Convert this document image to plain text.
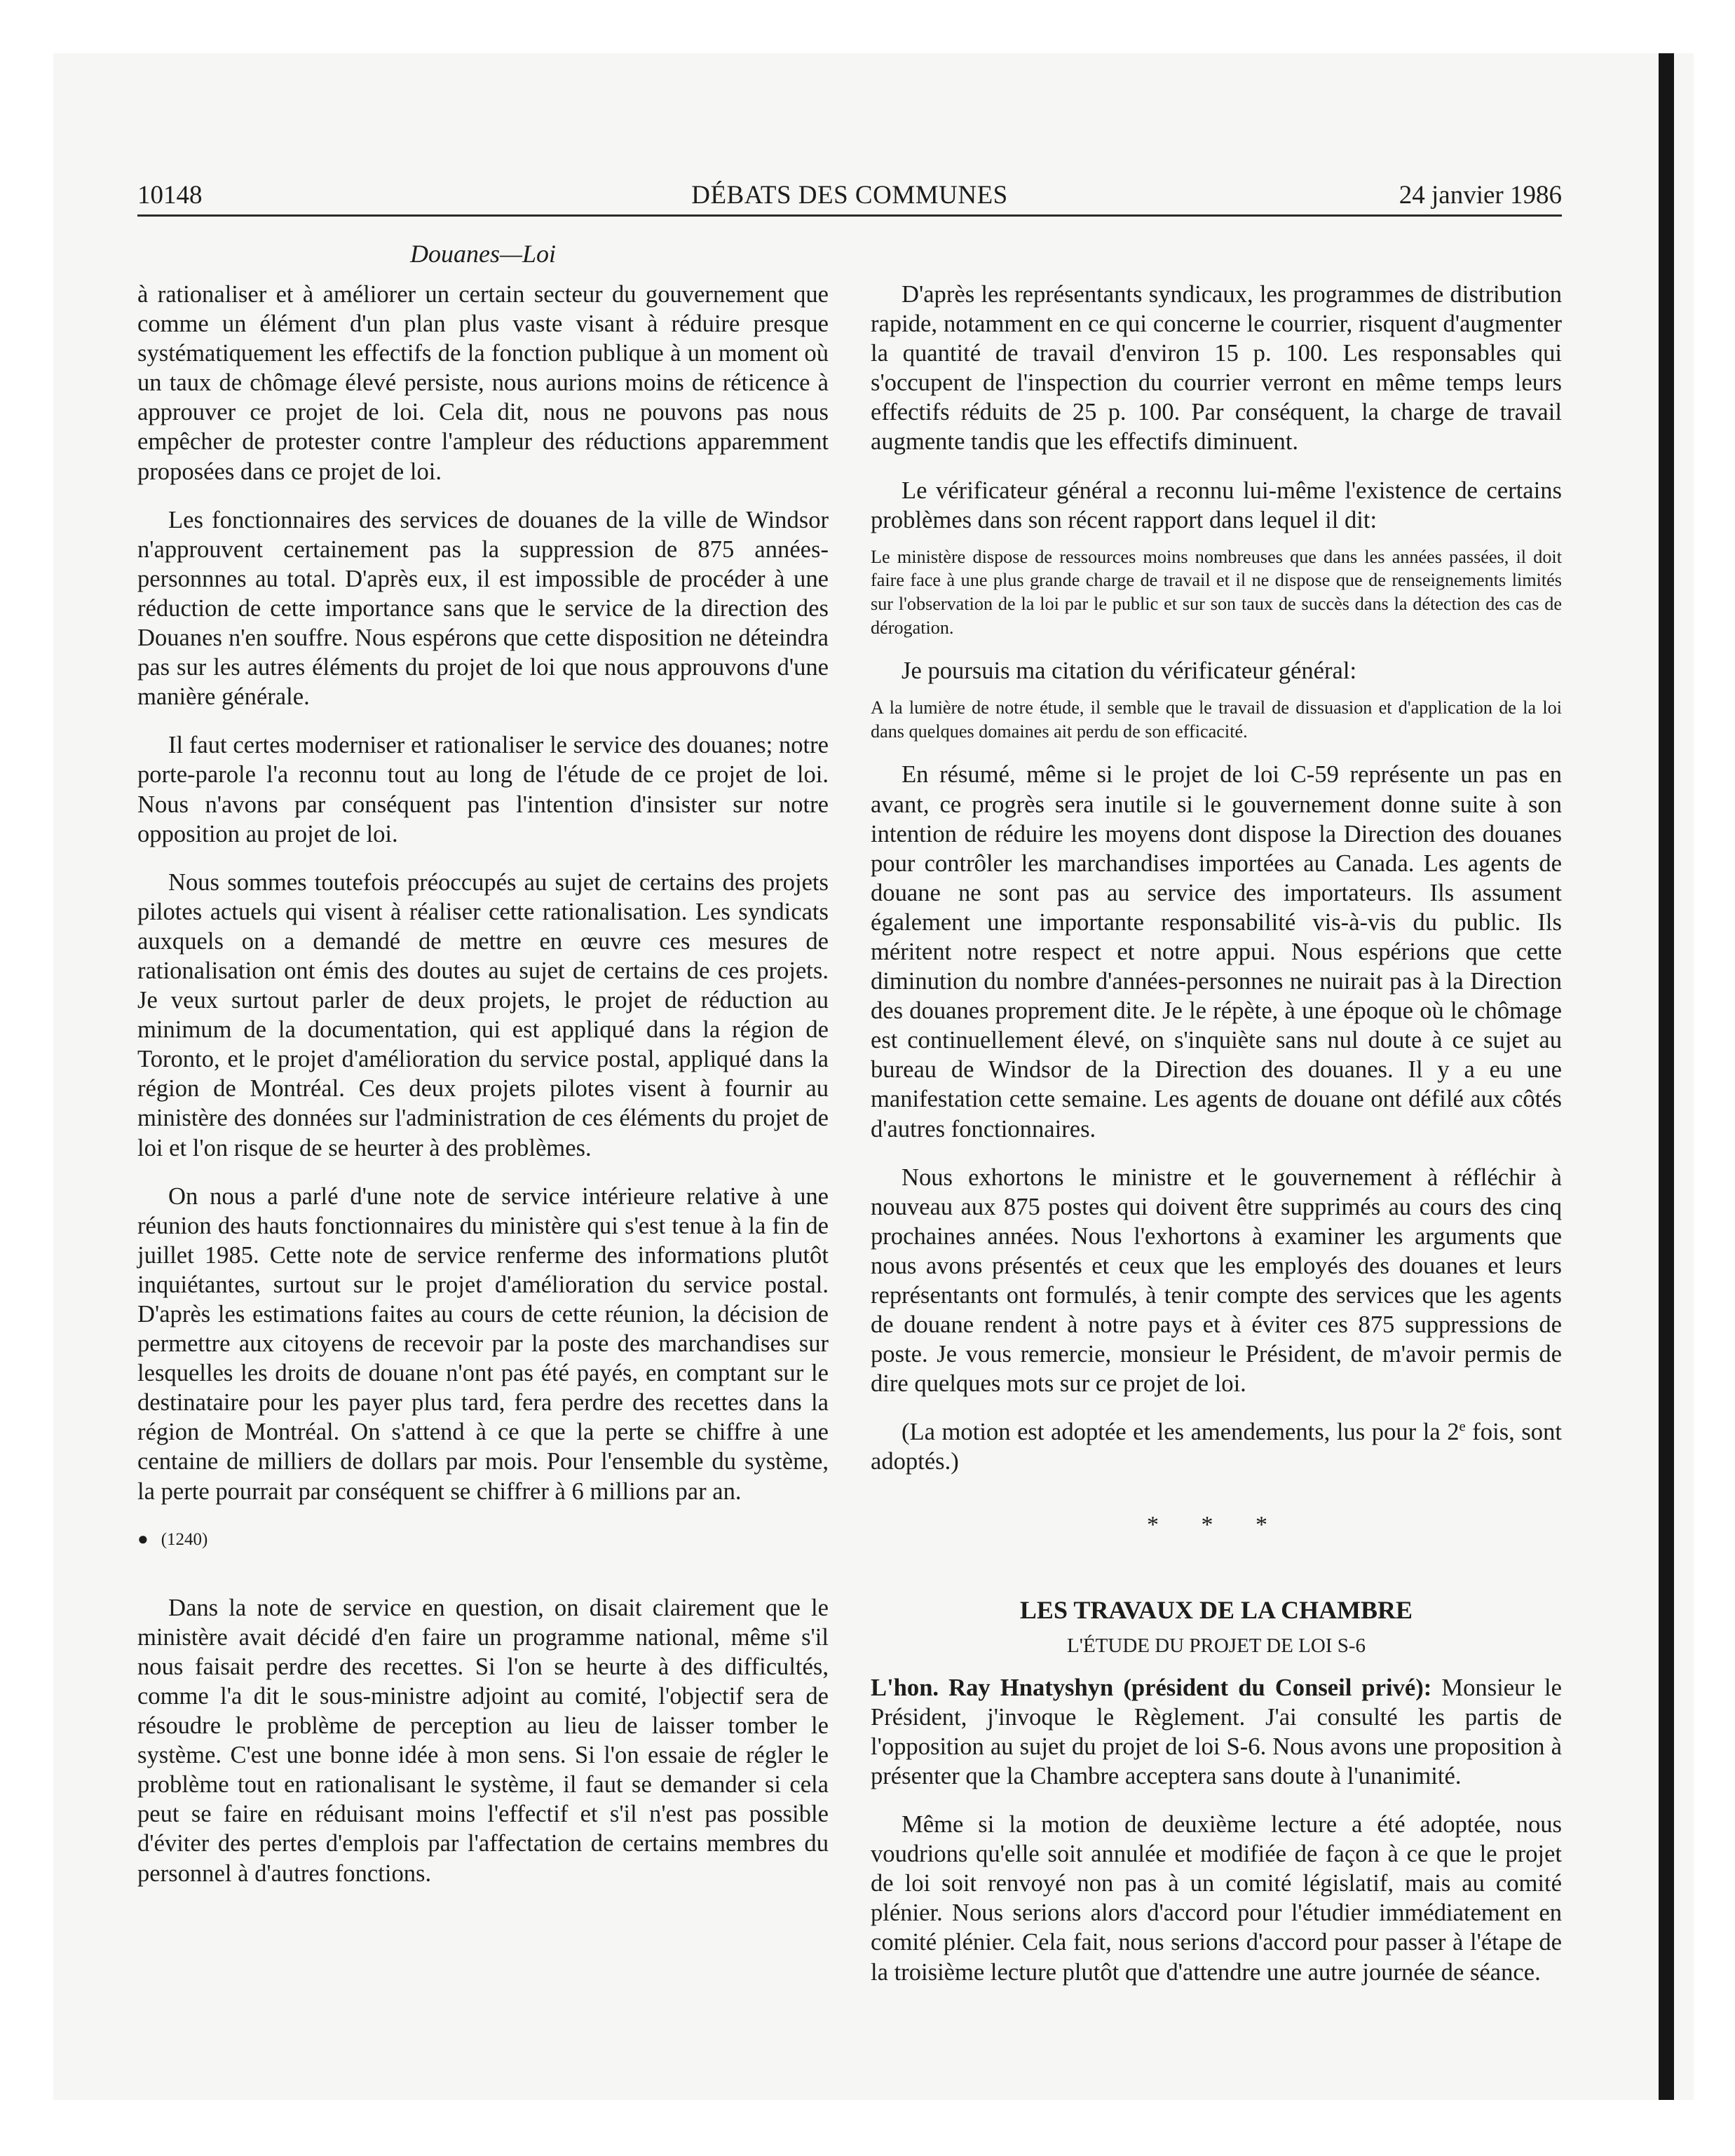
10148	DÉBATS DES COMMUNES	24 janvier 1986
Douanes—Loi

à rationaliser et à améliorer un certain secteur du gouvernement que comme un élément d'un plan plus vaste visant à réduire presque systématiquement les effectifs de la fonction publique à un moment où un taux de chômage élevé persiste, nous aurions moins de réticence à approuver ce projet de loi. Cela dit, nous ne pouvons pas nous empêcher de protester contre l'ampleur des réductions apparemment proposées dans ce projet de loi.

Les fonctionnaires des services de douanes de la ville de Windsor n'approuvent certainement pas la suppression de 875 années-personnnes au total. D'après eux, il est impossible de procéder à une réduction de cette importance sans que le service de la direction des Douanes n'en souffre. Nous espérons que cette disposition ne déteindra pas sur les autres éléments du projet de loi que nous approuvons d'une manière générale.

Il faut certes moderniser et rationaliser le service des douanes; notre porte-parole l'a reconnu tout au long de l'étude de ce projet de loi. Nous n'avons par conséquent pas l'intention d'insister sur notre opposition au projet de loi.

Nous sommes toutefois préoccupés au sujet de certains des projets pilotes actuels qui visent à réaliser cette rationalisation. Les syndicats auxquels on a demandé de mettre en œuvre ces mesures de rationalisation ont émis des doutes au sujet de certains de ces projets. Je veux surtout parler de deux projets, le projet de réduction au minimum de la documentation, qui est appliqué dans la région de Toronto, et le projet d'amélioration du service postal, appliqué dans la région de Montréal. Ces deux projets pilotes visent à fournir au ministère des données sur l'administration de ces éléments du projet de loi et l'on risque de se heurter à des problèmes.

On nous a parlé d'une note de service intérieure relative à une réunion des hauts fonctionnaires du ministère qui s'est tenue à la fin de juillet 1985. Cette note de service renferme des informations plutôt inquiétantes, surtout sur le projet d'amélioration du service postal. D'après les estimations faites au cours de cette réunion, la décision de permettre aux citoyens de recevoir par la poste des marchandises sur lesquelles les droits de douane n'ont pas été payés, en comptant sur le destinataire pour les payer plus tard, fera perdre des recettes dans la région de Montréal. On s'attend à ce que la perte se chiffre à une centaine de milliers de dollars par mois. Pour l'ensemble du système, la perte pourrait par conséquent se chiffrer à 6 millions par an.

● (1240)

Dans la note de service en question, on disait clairement que le ministère avait décidé d'en faire un programme national, même s'il nous faisait perdre des recettes. Si l'on se heurte à des difficultés, comme l'a dit le sous-ministre adjoint au comité, l'objectif sera de résoudre le problème de perception au lieu de laisser tomber le système. C'est une bonne idée à mon sens. Si l'on essaie de régler le problème tout en rationalisant le système, il faut se demander si cela peut se faire en réduisant moins l'effectif et s'il n'est pas possible d'éviter des pertes d'emplois par l'affectation de certains membres du personnel à d'autres fonctions.

D'après les représentants syndicaux, les programmes de distribution rapide, notamment en ce qui concerne le courrier, risquent d'augmenter la quantité de travail d'environ 15 p. 100. Les responsables qui s'occupent de l'inspection du courrier verront en même temps leurs effectifs réduits de 25 p. 100. Par conséquent, la charge de travail augmente tandis que les effectifs diminuent.

Le vérificateur général a reconnu lui-même l'existence de certains problèmes dans son récent rapport dans lequel il dit:

Le ministère dispose de ressources moins nombreuses que dans les années passées, il doit faire face à une plus grande charge de travail et il ne dispose que de renseignements limités sur l'observation de la loi par le public et sur son taux de succès dans la détection des cas de dérogation.

Je poursuis ma citation du vérificateur général:

A la lumière de notre étude, il semble que le travail de dissuasion et d'application de la loi dans quelques domaines ait perdu de son efficacité.

En résumé, même si le projet de loi C-59 représente un pas en avant, ce progrès sera inutile si le gouvernement donne suite à son intention de réduire les moyens dont dispose la Direction des douanes pour contrôler les marchandises importées au Canada. Les agents de douane ne sont pas au service des importateurs. Ils assument également une importante responsabilité vis-à-vis du public. Ils méritent notre respect et notre appui. Nous espérions que cette diminution du nombre d'années-personnes ne nuirait pas à la Direction des douanes proprement dite. Je le répète, à une époque où le chômage est continuellement élevé, on s'inquiète sans nul doute à ce sujet au bureau de Windsor de la Direction des douanes. Il y a eu une manifestation cette semaine. Les agents de douane ont défilé aux côtés d'autres fonctionnaires.

Nous exhortons le ministre et le gouvernement à réfléchir à nouveau aux 875 postes qui doivent être supprimés au cours des cinq prochaines années. Nous l'exhortons à examiner les arguments que nous avons présentés et ceux que les employés des douanes et leurs représentants ont formulés, à tenir compte des services que les agents de douane rendent à notre pays et à éviter ces 875 suppressions de poste. Je vous remercie, monsieur le Président, de m'avoir permis de dire quelques mots sur ce projet de loi.

(La motion est adoptée et les amendements, lus pour la 2e fois, sont adoptés.)

* * *
LES TRAVAUX DE LA CHAMBRE
L'ÉTUDE DU PROJET DE LOI S-6

L'hon. Ray Hnatyshyn (président du Conseil privé): Monsieur le Président, j'invoque le Règlement. J'ai consulté les partis de l'opposition au sujet du projet de loi S-6. Nous avons une proposition à présenter que la Chambre acceptera sans doute à l'unanimité.

Même si la motion de deuxième lecture a été adoptée, nous voudrions qu'elle soit annulée et modifiée de façon à ce que le projet de loi soit renvoyé non pas à un comité législatif, mais au comité plénier. Nous serions alors d'accord pour l'étudier immédiatement en comité plénier. Cela fait, nous serions d'accord pour passer à l'étape de la troisième lecture plutôt que d'attendre une autre journée de séance.
